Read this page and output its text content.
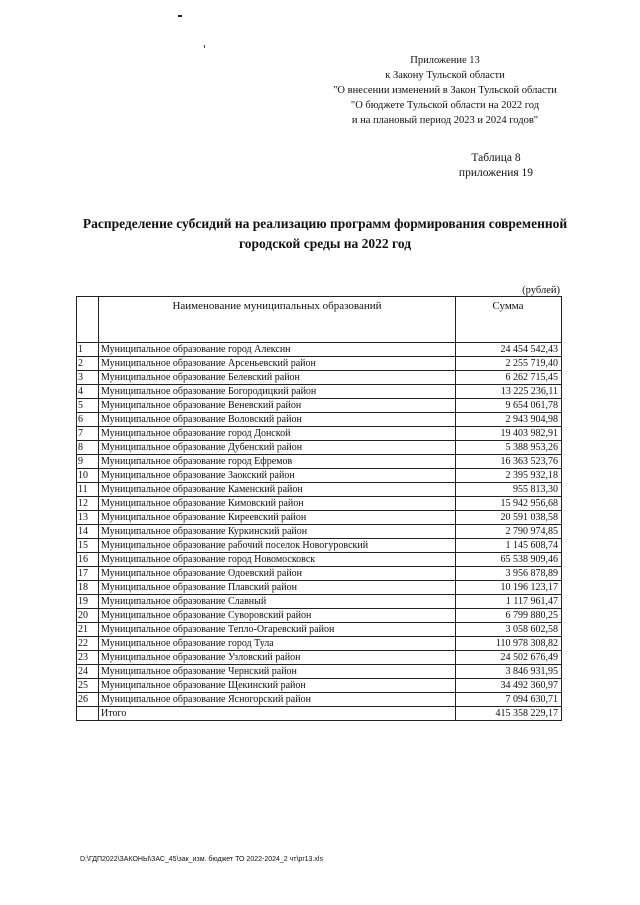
Приложение 13
к Закону Тульской области
"О внесении изменений в Закон Тульской области
"О бюджете Тульской области на 2022 год
и на плановый период 2023 и 2024 годов"
Таблица 8
приложения 19
Распределение субсидий на реализацию программ формирования современной
городской среды на 2022 год
(рублей)
	Наименование муниципальных образований	Сумма
1	Муниципальное образование город Алексин	24 454 542,43
2	Муниципальное образование Арсеньевский район	2 255 719,40
3	Муниципальное образование Белевский район	6 262 715,45
4	Муниципальное образование Богородицкий район	13 225 236,11
5	Муниципальное образование Веневский район	9 654 061,78
6	Муниципальное образование Воловский район	2 943 904,98
7	Муниципальное образование город Донской	19 403 982,91
8	Муниципальное образование Дубенский район	5 388 953,26
9	Муниципальное образование город Ефремов	16 363 523,76
10	Муниципальное образование Заокский район	2 395 932,18
11	Муниципальное образование Каменский район	955 813,30
12	Муниципальное образование Кимовский район	15 942 956,68
13	Муниципальное образование Киреевский район	20 591 038,58
14	Муниципальное образование Куркинский район	2 790 974,85
15	Муниципальное образование рабочий поселок Новогуровский	1 145 608,74
16	Муниципальное образование город Новомосковск	65 538 909,46
17	Муниципальное образование Одоевский район	3 956 878,89
18	Муниципальное образование Плавский район	10 196 123,17
19	Муниципальное образование Славный	1 117 961,47
20	Муниципальное образование Суворовский район	6 799 880,25
21	Муниципальное образование Тепло-Огаревский район	3 058 602,58
22	Муниципальное образование город Тула	110 978 308,82
23	Муниципальное образование Узловский район	24 502 676,49
24	Муниципальное образование Чернский район	3 846 931,95
25	Муниципальное образование Щекинский район	34 492 360,97
26	Муниципальное образование Ясногорский район	7 094 630,71
	Итого	415 358 229,17
D:\ГДП2022\ЗАКОНЫ\ЗАС_45\зак_изм. бюджет ТО 2022-2024_2 чт\pr13.xls
